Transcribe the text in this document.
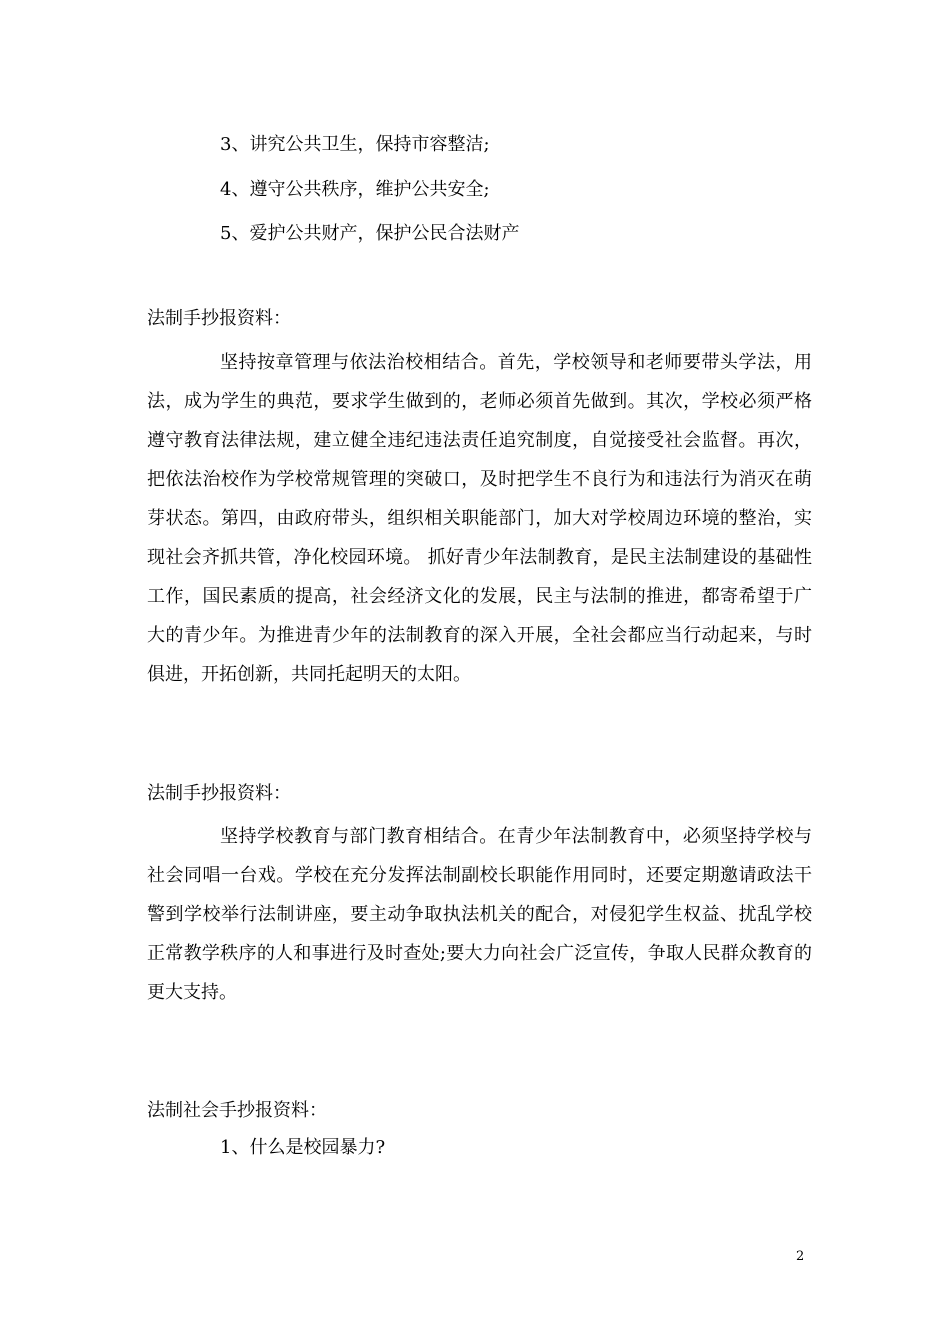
3、讲究公共卫生，保持市容整洁;
4、遵守公共秩序，维护公共安全;
5、爱护公共财产，保护公民合法财产
法制手抄报资料：

坚持按章管理与依法治校相结合。首先，学校领导和老师要带头学法，用法，成为学生的典范，要求学生做到的，老师必须首先做到。其次，学校必须严格遵守教育法律法规，建立健全违纪违法责任追究制度，自觉接受社会监督。再次，把依法治校作为学校常规管理的突破口，及时把学生不良行为和违法行为消灭在萌芽状态。第四，由政府带头，组织相关职能部门，加大对学校周边环境的整治，实现社会齐抓共管，净化校园环境。 抓好青少年法制教育，是民主法制建设的基础性工作，国民素质的提高，社会经济文化的发展，民主与法制的推进，都寄希望于广大的青少年。为推进青少年的法制教育的深入开展，全社会都应当行动起来，与时俱进，开拓创新，共同托起明天的太阳。

法制手抄报资料：

坚持学校教育与部门教育相结合。在青少年法制教育中，必须坚持学校与社会同唱一台戏。学校在充分发挥法制副校长职能作用同时，还要定期邀请政法干警到学校举行法制讲座，要主动争取执法机关的配合，对侵犯学生权益、扰乱学校正常教学秩序的人和事进行及时查处;要大力向社会广泛宣传，争取人民群众教育的更大支持。

法制社会手抄报资料：
1、什么是校园暴力?
2
